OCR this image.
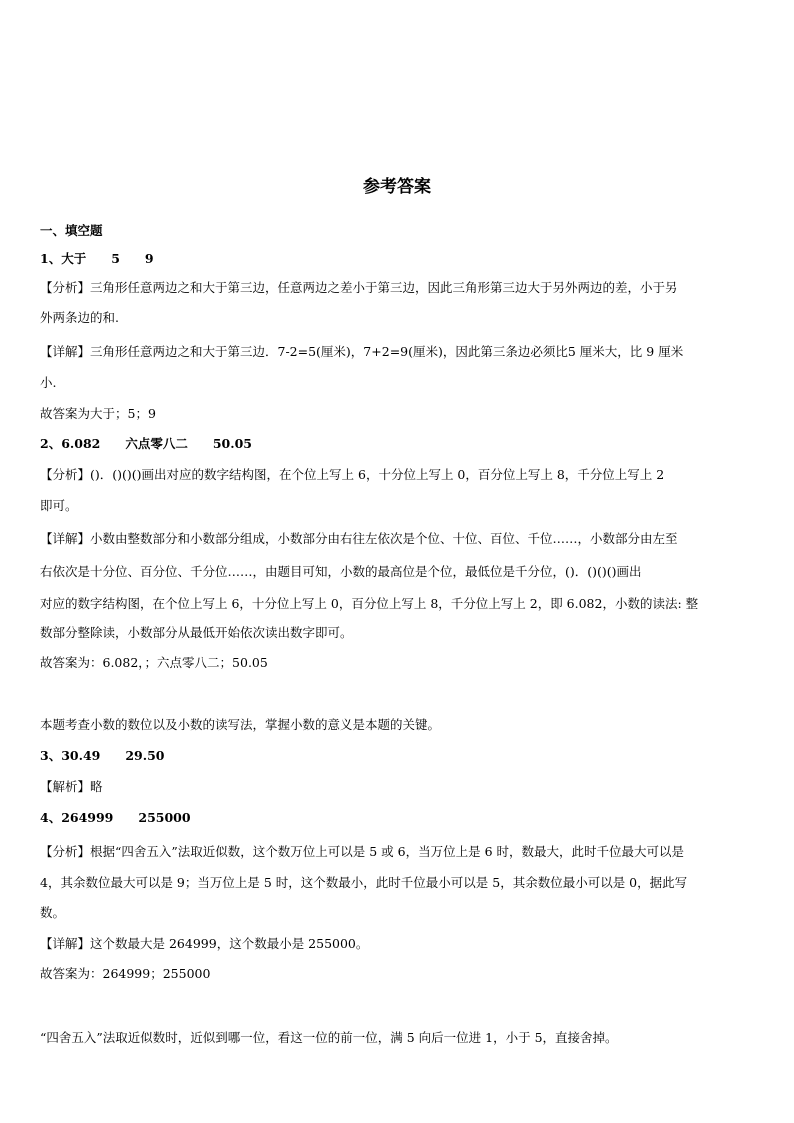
参考答案
一、填空题
1、大于　　5　　9
【分析】三角形任意两边之和大于第三边，任意两边之差小于第三边，因此三角形第三边大于另外两边的差，小于另
外两条边的和.
【详解】三角形任意两边之和大于第三边．7-2=5(厘米)，7+2=9(厘米)，因此第三条边必须比5 厘米大，比 9 厘米
小.
故答案为大于；5；9
2、6.082　　六点零八二　　50.05
【分析】()．()()()画出对应的数字结构图，在个位上写上 6，十分位上写上 0，百分位上写上 8，千分位上写上 2
即可。
【详解】小数由整数部分和小数部分组成，小数部分由右往左依次是个位、十位、百位、千位……，小数部分由左至
右依次是十分位、百分位、千分位……，由题目可知，小数的最高位是个位，最低位是千分位，()．()()()画出
对应的数字结构图，在个位上写上 6，十分位上写上 0，百分位上写上 8，千分位上写上 2，即 6.082，小数的读法: 整
数部分整除读，小数部分从最低开始依次读出数字即可。
故答案为：6.082，；六点零八二；50.05
本题考查小数的数位以及小数的读写法，掌握小数的意义是本题的关键。
3、30.49　　29.50
【解析】略
4、264999　　255000
【分析】根据“四舍五入”法取近似数，这个数万位上可以是 5 或 6，当万位上是 6 时，数最大，此时千位最大可以是
4，其余数位最大可以是 9；当万位上是 5 时，这个数最小，此时千位最小可以是 5，其余数位最小可以是 0，据此写
数。
【详解】这个数最大是 264999，这个数最小是 255000。
故答案为：264999；255000
“四舍五入”法取近似数时，近似到哪一位，看这一位的前一位，满 5 向后一位进 1，小于 5，直接舍掉。
